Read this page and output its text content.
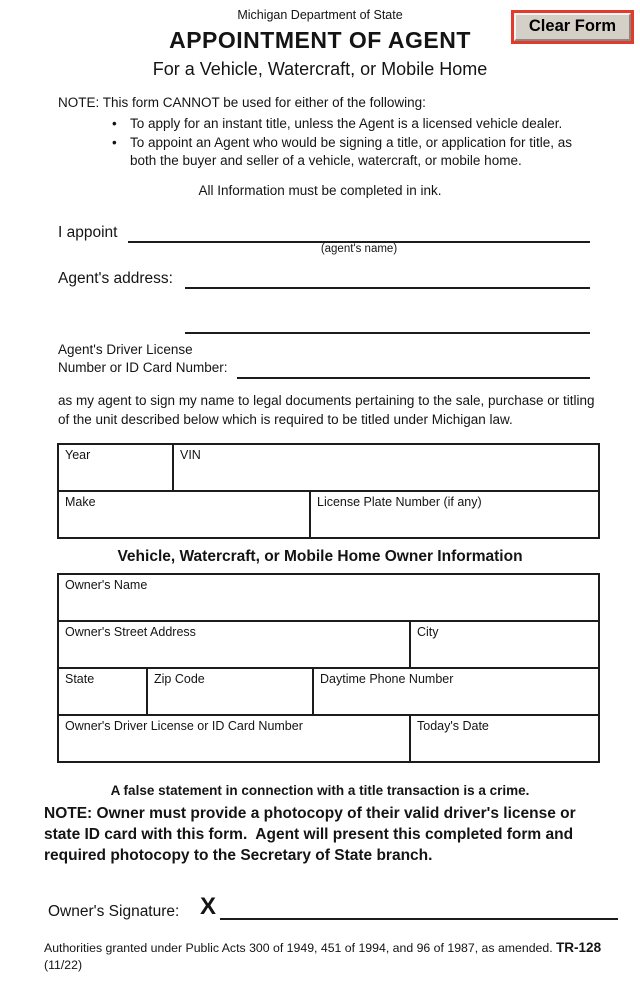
Michigan Department of State
APPOINTMENT OF AGENT
For a Vehicle, Watercraft, or Mobile Home
Clear Form
NOTE: This form CANNOT be used for either of the following:
• To apply for an instant title, unless the Agent is a licensed vehicle dealer.
• To appoint an Agent who would be signing a title, or application for title, as both the buyer and seller of a vehicle, watercraft, or mobile home.
All Information must be completed in ink.
I appoint
(agent's name)
Agent's address:
Agent's Driver License
Number or ID Card Number:
as my agent to sign my name to legal documents pertaining to the sale, purchase or titling of the unit described below which is required to be titled under Michigan law.
Year	VIN
Make	License Plate Number (if any)
Vehicle, Watercraft, or Mobile Home Owner Information
Owner's Name
Owner's Street Address	City
State	Zip Code	Daytime Phone Number
Owner's Driver License or ID Card Number	Today's Date
A false statement in connection with a title transaction is a crime.
NOTE: Owner must provide a photocopy of their valid driver's license or state ID card with this form.  Agent will present this completed form and required photocopy to the Secretary of State branch.
Owner's Signature: X
Authorities granted under Public Acts 300 of 1949, 451 of 1994, and 96 of 1987, as amended. TR-128
(11/22)
